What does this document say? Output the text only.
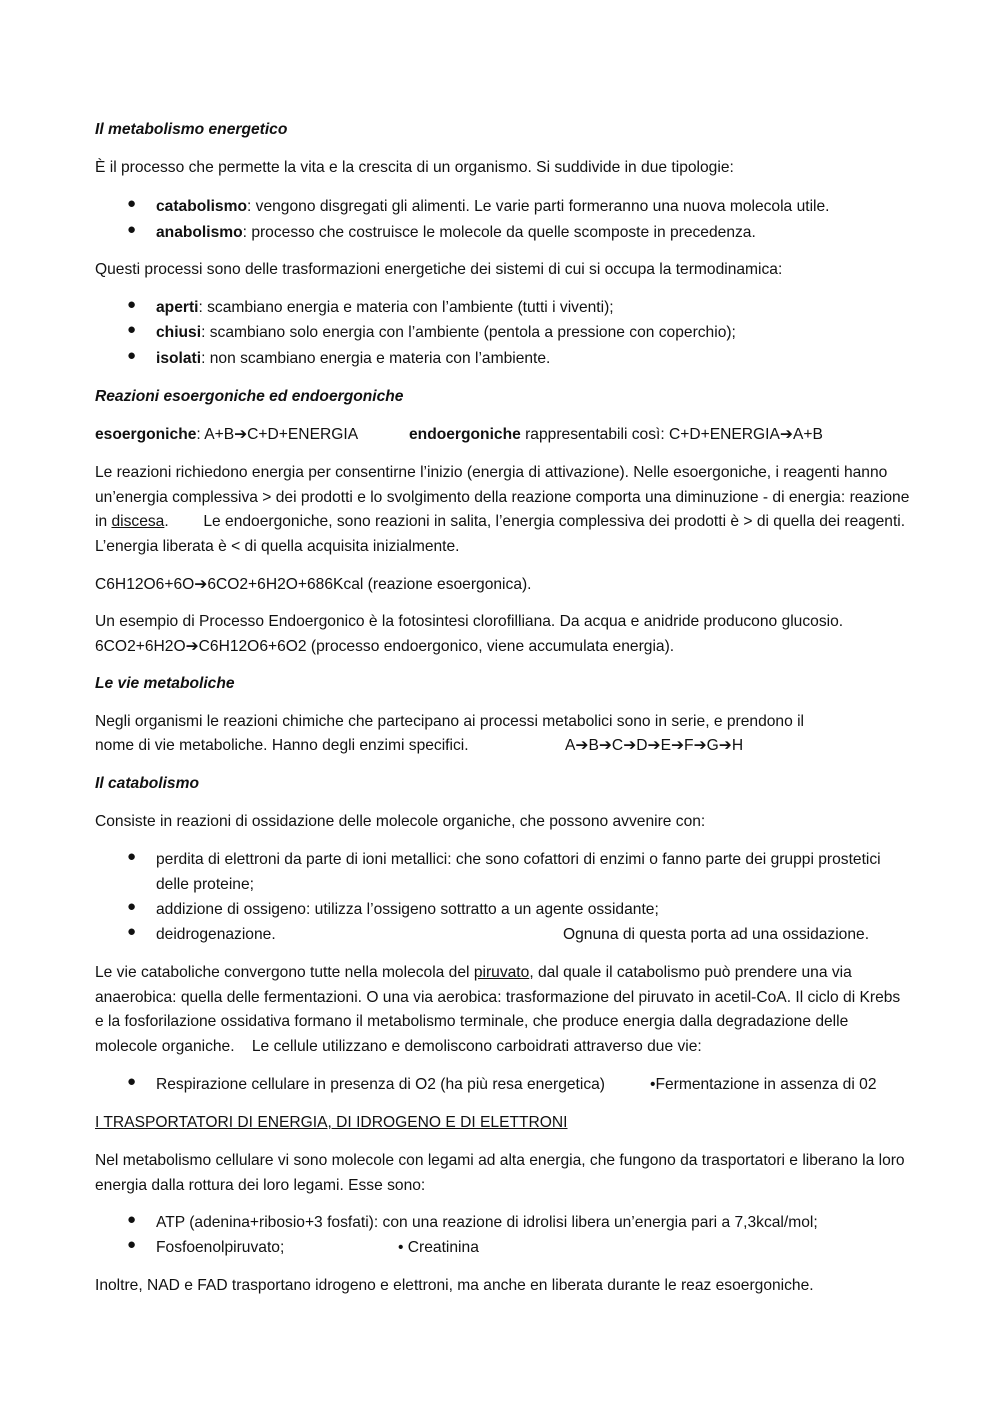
Il metabolismo energetico

È il processo che permette la vita e la crescita di un organismo. Si suddivide in due tipologie:

● catabolismo: vengono disgregati gli alimenti. Le varie parti formeranno una nuova molecola utile.
● anabolismo: processo che costruisce le molecole da quelle scomposte in precedenza.

Questi processi sono delle trasformazioni energetiche dei sistemi di cui si occupa la termodinamica:

● aperti: scambiano energia e materia con l’ambiente (tutti i viventi);
● chiusi: scambiano solo energia con l’ambiente (pentola a pressione con coperchio);
● isolati: non scambiano energia e materia con l’ambiente.

Reazioni esoergoniche ed endoergoniche

esoergoniche: A+B➔C+D+ENERGIA	endoergoniche rappresentabili così: C+D+ENERGIA➔A+B

Le reazioni richiedono energia per consentirne l’inizio (energia di attivazione). Nelle esoergoniche, i reagenti hanno un’energia complessiva > dei prodotti e lo svolgimento della reazione comporta una diminuzione - di energia: reazione in discesa.        Le endoergoniche, sono reazioni in salita, l’energia complessiva dei prodotti è > di quella dei reagenti. L’energia liberata è < di quella acquisita inizialmente.

C6H12O6+6O➔6CO2+6H2O+686Kcal (reazione esoergonica).

Un esempio di Processo Endoergonico è la fotosintesi clorofilliana. Da acqua e anidride producono glucosio. 6CO2+6H2O➔C6H12O6+6O2 (processo endoergonico, viene accumulata energia).

Le vie metaboliche

Negli organismi le reazioni chimiche che partecipano ai processi metabolici sono in serie, e prendono il

nome di vie metaboliche. Hanno degli enzimi specifici.	A➔B➔C➔D➔E➔F➔G➔H

Il catabolismo

Consiste in reazioni di ossidazione delle molecole organiche, che possono avvenire con:

● perdita di elettroni da parte di ioni metallici: che sono cofattori di enzimi o fanno parte dei gruppi prostetici delle proteine;
● addizione di ossigeno: utilizza l’ossigeno sottratto a un agente ossidante;
● deidrogenazione.	Ognuna di questa porta ad una ossidazione.

Le vie cataboliche convergono tutte nella molecola del piruvato, dal quale il catabolismo può prendere una via anaerobica: quella delle fermentazioni. O una via aerobica: trasformazione del piruvato in acetil-CoA. Il ciclo di Krebs e la fosforilazione ossidativa formano il metabolismo terminale, che produce energia dalla degradazione delle molecole organiche.    Le cellule utilizzano e demoliscono carboidrati attraverso due vie:

● Respirazione cellulare in presenza di O2 (ha più resa energetica)	•Fermentazione in assenza di 02

I TRASPORTATORI DI ENERGIA, DI IDROGENO E DI ELETTRONI

Nel metabolismo cellulare vi sono molecole con legami ad alta energia, che fungono da trasportatori e liberano la loro energia dalla rottura dei loro legami. Esse sono:

● ATP (adenina+ribosio+3 fosfati): con una reazione di idrolisi libera un’energia pari a 7,3kcal/mol;
● Fosfoenolpiruvato;	• Creatinina

Inoltre, NAD e FAD trasportano idrogeno e elettroni, ma anche en liberata durante le reaz esoergoniche.
